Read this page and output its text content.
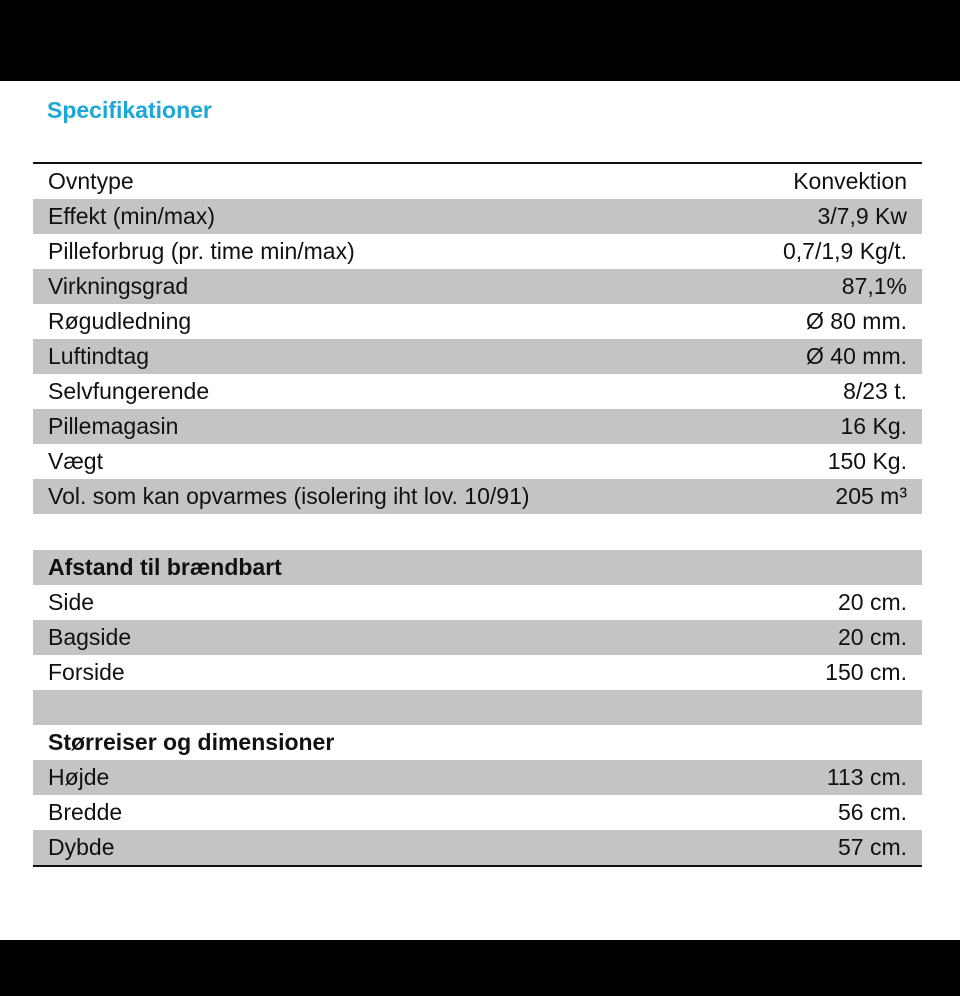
Specifikationer
Ovntype	Konvektion
Effekt (min/max)	3/7,9 Kw
Pilleforbrug (pr. time min/max)	0,7/1,9 Kg/t.
Virkningsgrad	87,1%
Røgudledning	Ø 80 mm.
Luftindtag	Ø 40 mm.
Selvfungerende	8/23 t.
Pillemagasin	16 Kg.
Vægt	150 Kg.
Vol. som kan opvarmes (isolering iht lov. 10/91)	205 m³
Afstand til brændbart
Side	20 cm.
Bagside	20 cm.
Forside	150 cm.
Størreiser og dimensioner
Højde	113 cm.
Bredde	56 cm.
Dybde	57 cm.
